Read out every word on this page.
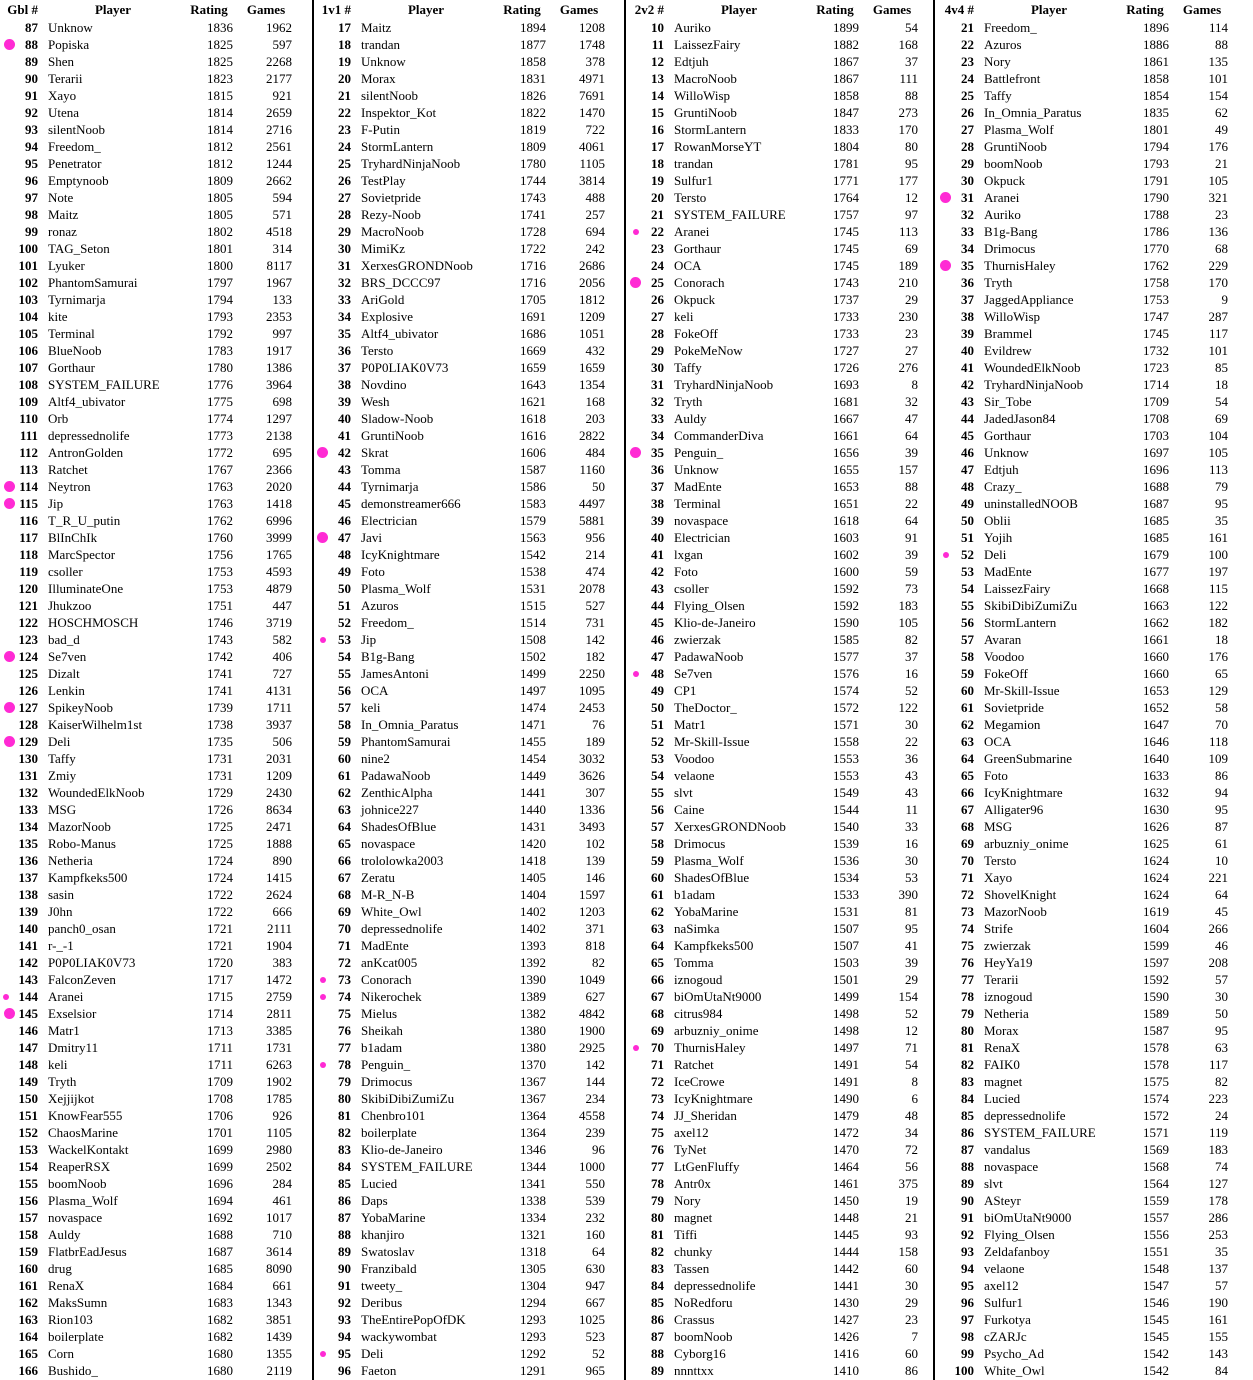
Gbl #	Player	Rating	Games
87 Unknow	1836	1962
88 Popiska	1825	597
89 Shen	1825	2268
90 Terarii	1823	2177
91 Xayo	1815	921
92 Utena	1814	2659
93 silentNoob	1814	2716
94 Freedom_	1812	2561
95 Penetrator	1812	1244
96 Emptynoob	1809	2662
97 Note	1805	594
98 Maitz	1805	571
99 ronaz	1802	4518
100 TAG_Seton	1801	314
101 Lyuker	1800	8117
102 PhantomSamurai	1797	1967
103 Tyrnimarja	1794	133
104 kite	1793	2353
105 Terminal	1792	997
106 BlueNoob	1783	1917
107 Gorthaur	1780	1386
108 SYSTEM_FAILURE	1776	3964
109 Altf4_ubivator	1775	698
110 Orb	1774	1297
111 depressednolife	1773	2138
112 AntronGolden	1772	695
113 Ratchet	1767	2366
114 Neytron	1763	2020
115 Jip	1763	1418
116 T_R_U_putin	1762	6996
117 BlInChIk	1760	3999
118 MarcSpector	1756	1765
119 csoller	1753	4593
120 IlluminateOne	1753	4879
121 Jhukzoo	1751	447
122 HOSCHMOSCH	1746	3719
123 bad_d	1743	582
124 Se7ven	1742	406
125 Dizalt	1741	727
126 Lenkin	1741	4131
127 SpikeyNoob	1739	1711
128 KaiserWilhelm1st	1738	3937
129 Deli	1735	506
130 Taffy	1731	2031
131 Zmiy	1731	1209
132 WoundedElkNoob	1729	2430
133 MSG	1726	8634
134 MazorNoob	1725	2471
135 Robo-Manus	1725	1888
136 Netheria	1724	890
137 Kampfkeks500	1724	1415
138 sasin	1722	2624
139 J0hn	1722	666
140 panch0_osan	1721	2111
141 r-_-1	1721	1904
142 P0P0LIAK0V73	1720	383
143 FalconZeven	1717	1472
144 Aranei	1715	2759
145 Exselsior	1714	2811
146 Matr1	1713	3385
147 Dmitry11	1711	1731
148 keli	1711	6263
149 Tryth	1709	1902
150 Xejjijkot	1708	1785
151 KnowFear555	1706	926
152 ChaosMarine	1701	1105
153 WackelKontakt	1699	2980
154 ReaperRSX	1699	2502
155 boomNoob	1696	284
156 Plasma_Wolf	1694	461
157 novaspace	1692	1017
158 Auldy	1688	710
159 FlatbrEadJesus	1687	3614
160 drug	1685	8090
161 RenaX	1684	661
162 MaksSumn	1683	1343
163 Rion103	1682	3851
164 boilerplate	1682	1439
165 Corn	1680	1355
166 Bushido_	1680	2119
1v1 #	Player	Rating	Games
17 Maitz	1894	1208
18 trandan	1877	1748
19 Unknow	1858	378
20 Morax	1831	4971
21 silentNoob	1826	7691
22 Inspektor_Kot	1822	1470
23 F-Putin	1819	722
24 StormLantern	1809	4061
25 TryhardNinjaNoob	1780	1105
26 TestPlay	1744	3814
27 Sovietpride	1743	488
28 Rezy-Noob	1741	257
29 MacroNoob	1728	694
30 MimiKz	1722	242
31 XerxesGRONDNoob	1716	2686
32 BRS_DCCC97	1716	2056
33 AriGold	1705	1812
34 Explosive	1691	1209
35 Altf4_ubivator	1686	1051
36 Tersto	1669	432
37 P0P0LIAK0V73	1659	1659
38 Novdino	1643	1354
39 Wesh	1621	168
40 Sladow-Noob	1618	203
41 GruntiNoob	1616	2822
42 Skrat	1606	484
43 Tomma	1587	1160
44 Tyrnimarja	1586	50
45 demonstreamer666	1583	4497
46 Electrician	1579	5881
47 Javi	1563	956
48 IcyKnightmare	1542	214
49 Foto	1538	474
50 Plasma_Wolf	1531	2078
51 Azuros	1515	527
52 Freedom_	1514	731
53 Jip	1508	142
54 B1g-Bang	1502	182
55 JamesAntoni	1499	2250
56 OCA	1497	1095
57 keli	1474	2453
58 In_Omnia_Paratus	1471	76
59 PhantomSamurai	1455	189
60 nine2	1454	3032
61 PadawaNoob	1449	3626
62 ZenthicAlpha	1441	307
63 johnice227	1440	1336
64 ShadesOfBlue	1431	3493
65 novaspace	1420	102
66 trololowka2003	1418	139
67 Zeratu	1405	146
68 M-R_N-B	1404	1597
69 White_Owl	1402	1203
70 depressednolife	1402	371
71 MadEnte	1393	818
72 anKcat005	1392	82
73 Conorach	1390	1049
74 Nikerochek	1389	627
75 Mielus	1382	4842
76 Sheikah	1380	1900
77 b1adam	1380	2925
78 Penguin_	1370	142
79 Drimocus	1367	144
80 SkibiDibiZumiZu	1367	234
81 Chenbro101	1364	4558
82 boilerplate	1364	239
83 Klio-de-Janeiro	1346	96
84 SYSTEM_FAILURE	1344	1000
85 Lucied	1341	550
86 Daps	1338	539
87 YobaMarine	1334	232
88 khanjiro	1321	160
89 Swatoslav	1318	64
90 Franzibald	1305	630
91 tweety_	1304	947
92 Deribus	1294	667
93 TheEntirePopOfDK	1293	1025
94 wackywombat	1293	523
95 Deli	1292	52
96 Faeton	1291	965
2v2 #	Player	Rating	Games
10 Auriko	1899	54
11 LaissezFairy	1882	168
12 Edtjuh	1867	37
13 MacroNoob	1867	111
14 WilloWisp	1858	88
15 GruntiNoob	1847	273
16 StormLantern	1833	170
17 RowanMorseYT	1804	80
18 trandan	1781	95
19 Sulfur1	1771	177
20 Tersto	1764	12
21 SYSTEM_FAILURE	1757	97
22 Aranei	1745	113
23 Gorthaur	1745	69
24 OCA	1745	189
25 Conorach	1743	210
26 Okpuck	1737	29
27 keli	1733	230
28 FokeOff	1733	23
29 PokeMeNow	1727	27
30 Taffy	1726	276
31 TryhardNinjaNoob	1693	8
32 Tryth	1681	32
33 Auldy	1667	47
34 CommanderDiva	1661	64
35 Penguin_	1656	39
36 Unknow	1655	157
37 MadEnte	1653	88
38 Terminal	1651	22
39 novaspace	1618	64
40 Electrician	1603	91
41 lxgan	1602	39
42 Foto	1600	59
43 csoller	1592	73
44 Flying_Olsen	1592	183
45 Klio-de-Janeiro	1590	105
46 zwierzak	1585	82
47 PadawaNoob	1577	37
48 Se7ven	1576	16
49 CP1	1574	52
50 TheDoctor_	1572	122
51 Matr1	1571	30
52 Mr-Skill-Issue	1558	22
53 Voodoo	1553	36
54 velaone	1553	43
55 slvt	1549	43
56 Caine	1544	11
57 XerxesGRONDNoob	1540	33
58 Drimocus	1539	16
59 Plasma_Wolf	1536	30
60 ShadesOfBlue	1534	53
61 b1adam	1533	390
62 YobaMarine	1531	81
63 naSimka	1507	95
64 Kampfkeks500	1507	41
65 Tomma	1503	39
66 iznogoud	1501	29
67 biOmUtaNt9000	1499	154
68 citrus984	1498	52
69 arbuzniy_onime	1498	12
70 ThurnisHaley	1497	71
71 Ratchet	1491	54
72 IceCrowe	1491	8
73 IcyKnightmare	1490	6
74 JJ_Sheridan	1479	48
75 axel12	1472	34
76 TyNet	1470	72
77 LtGenFluffy	1464	56
78 Antr0x	1461	375
79 Nory	1450	19
80 magnet	1448	21
81 Tiffi	1445	93
82 chunky	1444	158
83 Tassen	1442	60
84 depressednolife	1441	30
85 NoRedforu	1430	29
86 Crassus	1427	23
87 boomNoob	1426	7
88 Cyborg16	1416	60
89 nnnttxx	1410	86
4v4 #	Player	Rating	Games
21 Freedom_	1896	114
22 Azuros	1886	88
23 Nory	1861	135
24 Battlefront	1858	101
25 Taffy	1854	154
26 In_Omnia_Paratus	1835	62
27 Plasma_Wolf	1801	49
28 GruntiNoob	1794	176
29 boomNoob	1793	21
30 Okpuck	1791	105
31 Aranei	1790	321
32 Auriko	1788	23
33 B1g-Bang	1786	136
34 Drimocus	1770	68
35 ThurnisHaley	1762	229
36 Tryth	1758	170
37 JaggedAppliance	1753	9
38 WilloWisp	1747	287
39 Brammel	1745	117
40 Evildrew	1732	101
41 WoundedElkNoob	1723	85
42 TryhardNinjaNoob	1714	18
43 Sir_Tobe	1709	54
44 JadedJason84	1708	69
45 Gorthaur	1703	104
46 Unknow	1697	105
47 Edtjuh	1696	113
48 Crazy_	1688	79
49 uninstalledNOOB	1687	95
50 Oblii	1685	35
51 Yojih	1685	161
52 Deli	1679	100
53 MadEnte	1677	197
54 LaissezFairy	1668	115
55 SkibiDibiZumiZu	1663	122
56 StormLantern	1662	182
57 Avaran	1661	18
58 Voodoo	1660	176
59 FokeOff	1660	65
60 Mr-Skill-Issue	1653	129
61 Sovietpride	1652	58
62 Megamion	1647	70
63 OCA	1646	118
64 GreenSubmarine	1640	109
65 Foto	1633	86
66 IcyKnightmare	1632	94
67 Alligater96	1630	95
68 MSG	1626	87
69 arbuzniy_onime	1625	61
70 Tersto	1624	10
71 Xayo	1624	221
72 ShovelKnight	1624	64
73 MazorNoob	1619	45
74 Strife	1604	266
75 zwierzak	1599	46
76 HeyYa19	1597	208
77 Terarii	1592	57
78 iznogoud	1590	30
79 Netheria	1589	50
80 Morax	1587	95
81 RenaX	1578	63
82 FAIK0	1578	117
83 magnet	1575	82
84 Lucied	1574	223
85 depressednolife	1572	24
86 SYSTEM_FAILURE	1571	119
87 vandalus	1569	183
88 novaspace	1568	74
89 slvt	1564	127
90 ASteyr	1559	178
91 biOmUtaNt9000	1557	286
92 Flying_Olsen	1556	253
93 Zeldafanboy	1551	35
94 velaone	1548	137
95 axel12	1547	57
96 Sulfur1	1546	190
97 Furkotya	1545	161
98 cZARJc	1545	155
99 Psycho_Ad	1542	143
100 White_Owl	1542	84
